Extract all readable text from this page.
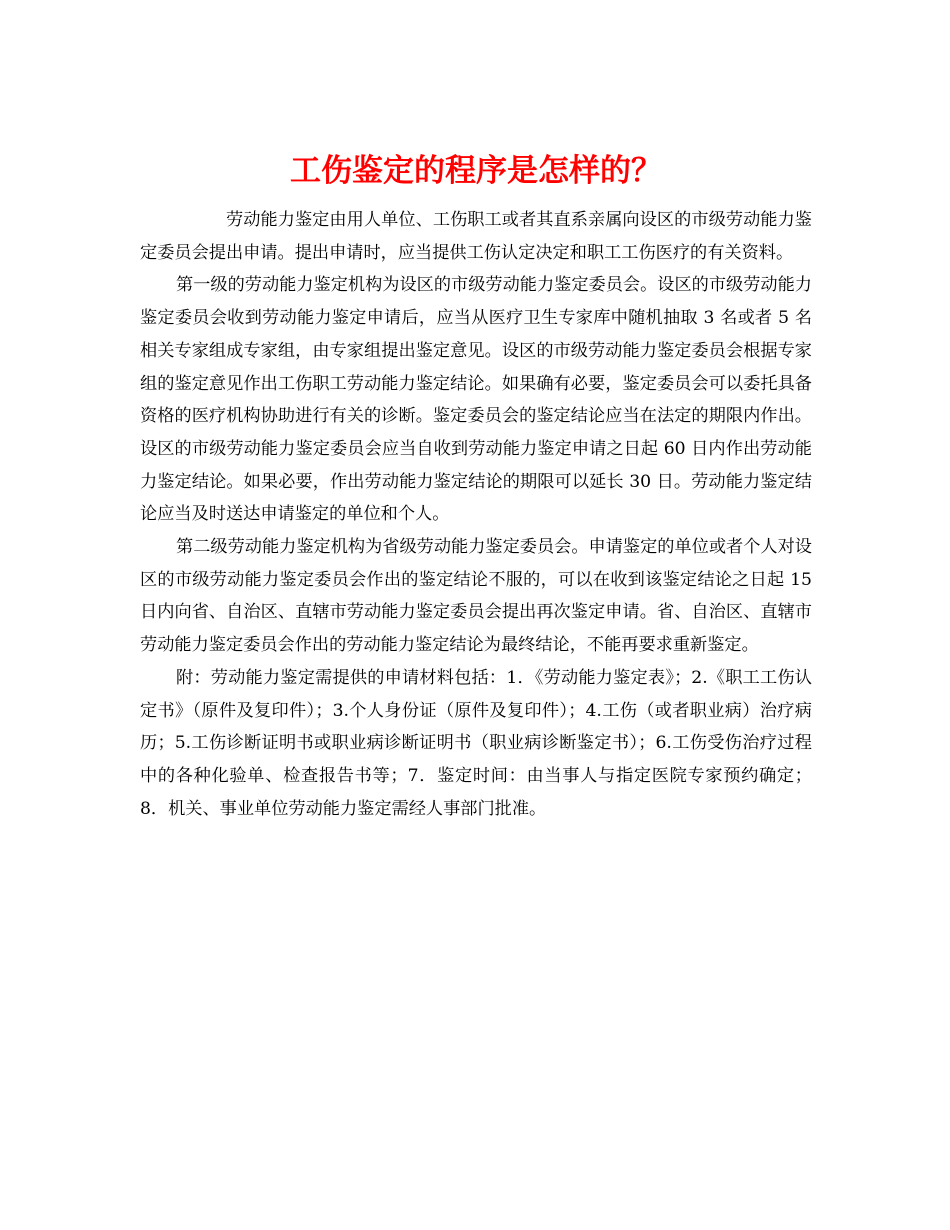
工伤鉴定的程序是怎样的？

劳动能力鉴定由用人单位、工伤职工或者其直系亲属向设区的市级劳动能力鉴定委员会提出申请。提出申请时，应当提供工伤认定决定和职工工伤医疗的有关资料。

第一级的劳动能力鉴定机构为设区的市级劳动能力鉴定委员会。设区的市级劳动能力鉴定委员会收到劳动能力鉴定申请后，应当从医疗卫生专家库中随机抽取 3 名或者 5 名相关专家组成专家组，由专家组提出鉴定意见。设区的市级劳动能力鉴定委员会根据专家组的鉴定意见作出工伤职工劳动能力鉴定结论。如果确有必要，鉴定委员会可以委托具备资格的医疗机构协助进行有关的诊断。鉴定委员会的鉴定结论应当在法定的期限内作出。设区的市级劳动能力鉴定委员会应当自收到劳动能力鉴定申请之日起 60 日内作出劳动能力鉴定结论。如果必要，作出劳动能力鉴定结论的期限可以延长 30 日。劳动能力鉴定结论应当及时送达申请鉴定的单位和个人。

第二级劳动能力鉴定机构为省级劳动能力鉴定委员会。申请鉴定的单位或者个人对设区的市级劳动能力鉴定委员会作出的鉴定结论不服的，可以在收到该鉴定结论之日起 15 日内向省、自治区、直辖市劳动能力鉴定委员会提出再次鉴定申请。省、自治区、直辖市劳动能力鉴定委员会作出的劳动能力鉴定结论为最终结论，不能再要求重新鉴定。

附：劳动能力鉴定需提供的申请材料包括：1．《劳动能力鉴定表》；2.《职工工伤认定书》（原件及复印件）；3.个人身份证（原件及复印件）；4.工伤（或者职业病）治疗病历；5.工伤诊断证明书或职业病诊断证明书（职业病诊断鉴定书）；6.工伤受伤治疗过程中的各种化验单、检查报告书等；7．鉴定时间：由当事人与指定医院专家预约确定；8．机关、事业单位劳动能力鉴定需经人事部门批准。
